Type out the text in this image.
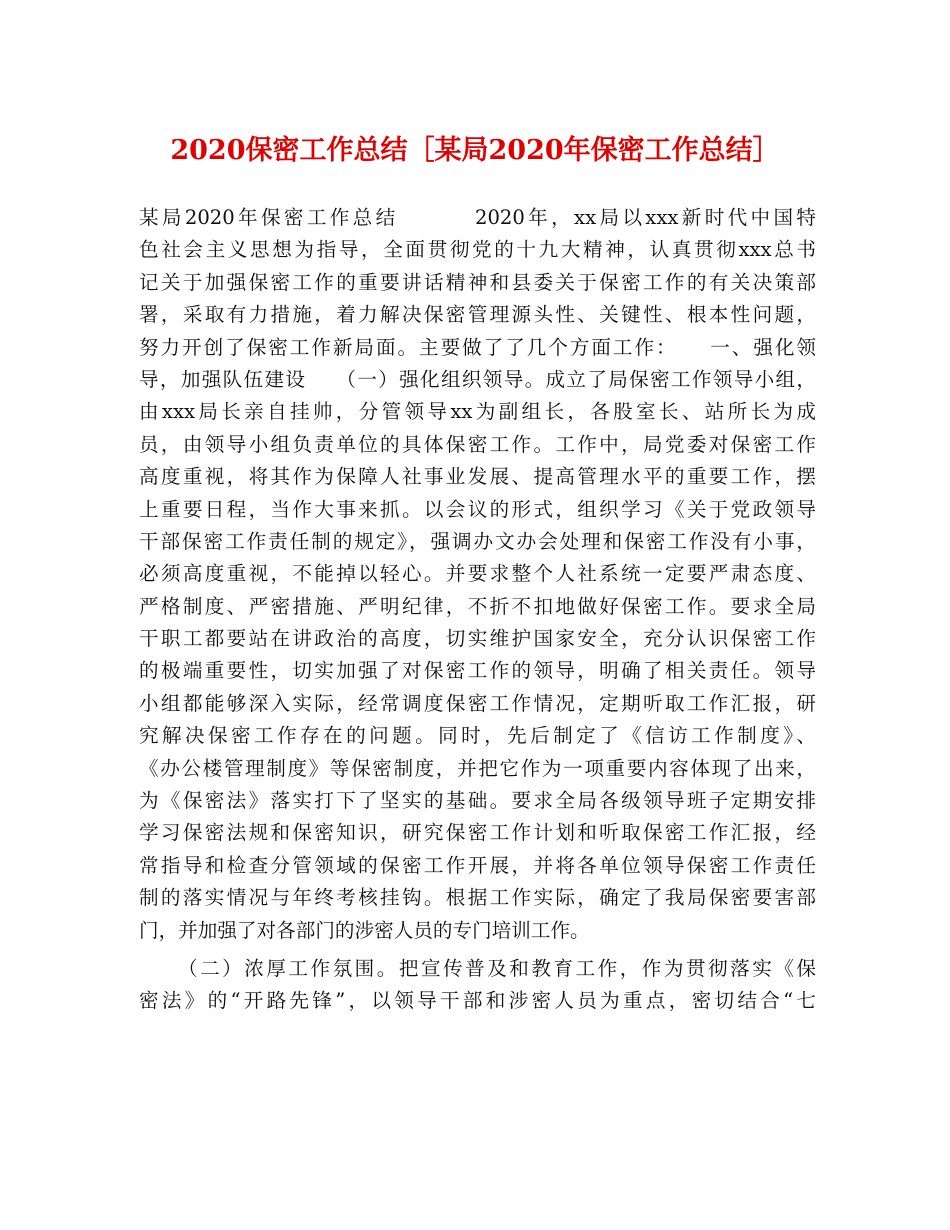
2020保密工作总结［某局2020年保密工作总结］
某局2020年保密工作总结        2020年，xx局以xxx新时代中国特
色社会主义思想为指导，全面贯彻党的十九大精神，认真贯彻xxx总书
记关于加强保密工作的重要讲话精神和县委关于保密工作的有关决策部
署，采取有力措施，着力解决保密管理源头性、关键性、根本性问题，
努力开创了保密工作新局面。主要做了了几个方面工作：    一、强化领
导，加强队伍建设    （一）强化组织领导。成立了局保密工作领导小组，
由xxx局长亲自挂帅，分管领导xx为副组长，各股室长、站所长为成
员，由领导小组负责单位的具体保密工作。工作中，局党委对保密工作
高度重视，将其作为保障人社事业发展、提高管理水平的重要工作，摆
上重要日程，当作大事来抓。以会议的形式，组织学习《关于党政领导
干部保密工作责任制的规定》，强调办文办会处理和保密工作没有小事，
必须高度重视，不能掉以轻心。并要求整个人社系统一定要严肃态度、
严格制度、严密措施、严明纪律，不折不扣地做好保密工作。要求全局
干职工都要站在讲政治的高度，切实维护国家安全，充分认识保密工作
的极端重要性，切实加强了对保密工作的领导，明确了相关责任。领导
小组都能够深入实际，经常调度保密工作情况，定期听取工作汇报，研
究解决保密工作存在的问题。同时，先后制定了《信访工作制度》、
《办公楼管理制度》等保密制度，并把它作为一项重要内容体现了出来，
为《保密法》落实打下了坚实的基础。要求全局各级领导班子定期安排
学习保密法规和保密知识，研究保密工作计划和听取保密工作汇报，经
常指导和检查分管领域的保密工作开展，并将各单位领导保密工作责任
制的落实情况与年终考核挂钩。根据工作实际，确定了我局保密要害部
门，并加强了对各部门的涉密人员的专门培训工作。
（二）浓厚工作氛围。把宣传普及和教育工作，作为贯彻落实《保
密法》的“开路先锋”，以领导干部和涉密人员为重点，密切结合“七
